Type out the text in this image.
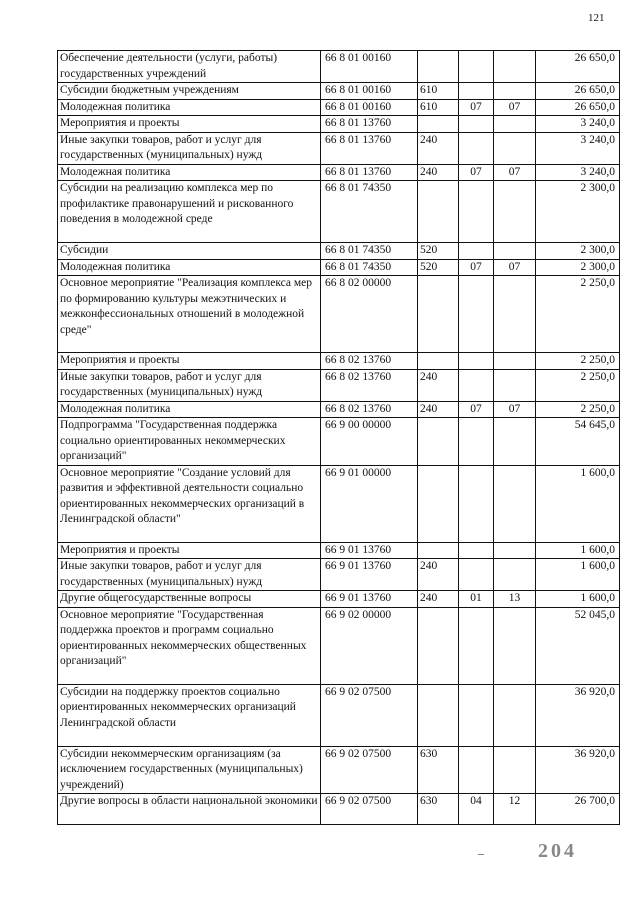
121
Обеспечение деятельности (услуги, работы) государственных учреждений	66 8 01 00160				26 650,0
Субсидии бюджетным учреждениям	66 8 01 00160	610			26 650,0
Молодежная политика	66 8 01 00160	610	07	07	26 650,0
Мероприятия и проекты	66 8 01 13760				3 240,0
Иные закупки товаров, работ и услуг для государственных (муниципальных) нужд	66 8 01 13760	240			3 240,0
Молодежная политика	66 8 01 13760	240	07	07	3 240,0
Субсидии на реализацию комплекса мер по профилактике правонарушений и рискованного поведения в молодежной среде	66 8 01 74350				2 300,0
Субсидии	66 8 01 74350	520			2 300,0
Молодежная политика	66 8 01 74350	520	07	07	2 300,0
Основное мероприятие "Реализация комплекса мер по формированию культуры межэтнических и межконфессиональных отношений в молодежной среде"	66 8 02 00000				2 250,0
Мероприятия и проекты	66 8 02 13760				2 250,0
Иные закупки товаров, работ и услуг для государственных (муниципальных) нужд	66 8 02 13760	240			2 250,0
Молодежная политика	66 8 02 13760	240	07	07	2 250,0
Подпрограмма "Государственная поддержка социально ориентированных некоммерческих организаций"	66 9 00 00000				54 645,0
Основное мероприятие "Создание условий для развития и эффективной деятельности социально ориентированных некоммерческих организаций в Ленинградской области"	66 9 01 00000				1 600,0
Мероприятия и проекты	66 9 01 13760				1 600,0
Иные закупки товаров, работ и услуг для государственных (муниципальных) нужд	66 9 01 13760	240			1 600,0
Другие общегосударственные вопросы	66 9 01 13760	240	01	13	1 600,0
Основное мероприятие "Государственная поддержка проектов и программ социально ориентированных некоммерческих общественных организаций"	66 9 02 00000				52 045,0
Субсидии на поддержку проектов социально ориентированных некоммерческих организаций Ленинградской области	66 9 02 07500				36 920,0
Субсидии некоммерческим организациям (за исключением государственных (муниципальных) учреждений)	66 9 02 07500	630			36 920,0
Другие вопросы в области национальной экономики	66 9 02 07500	630	04	12	26 700,0
–	204
